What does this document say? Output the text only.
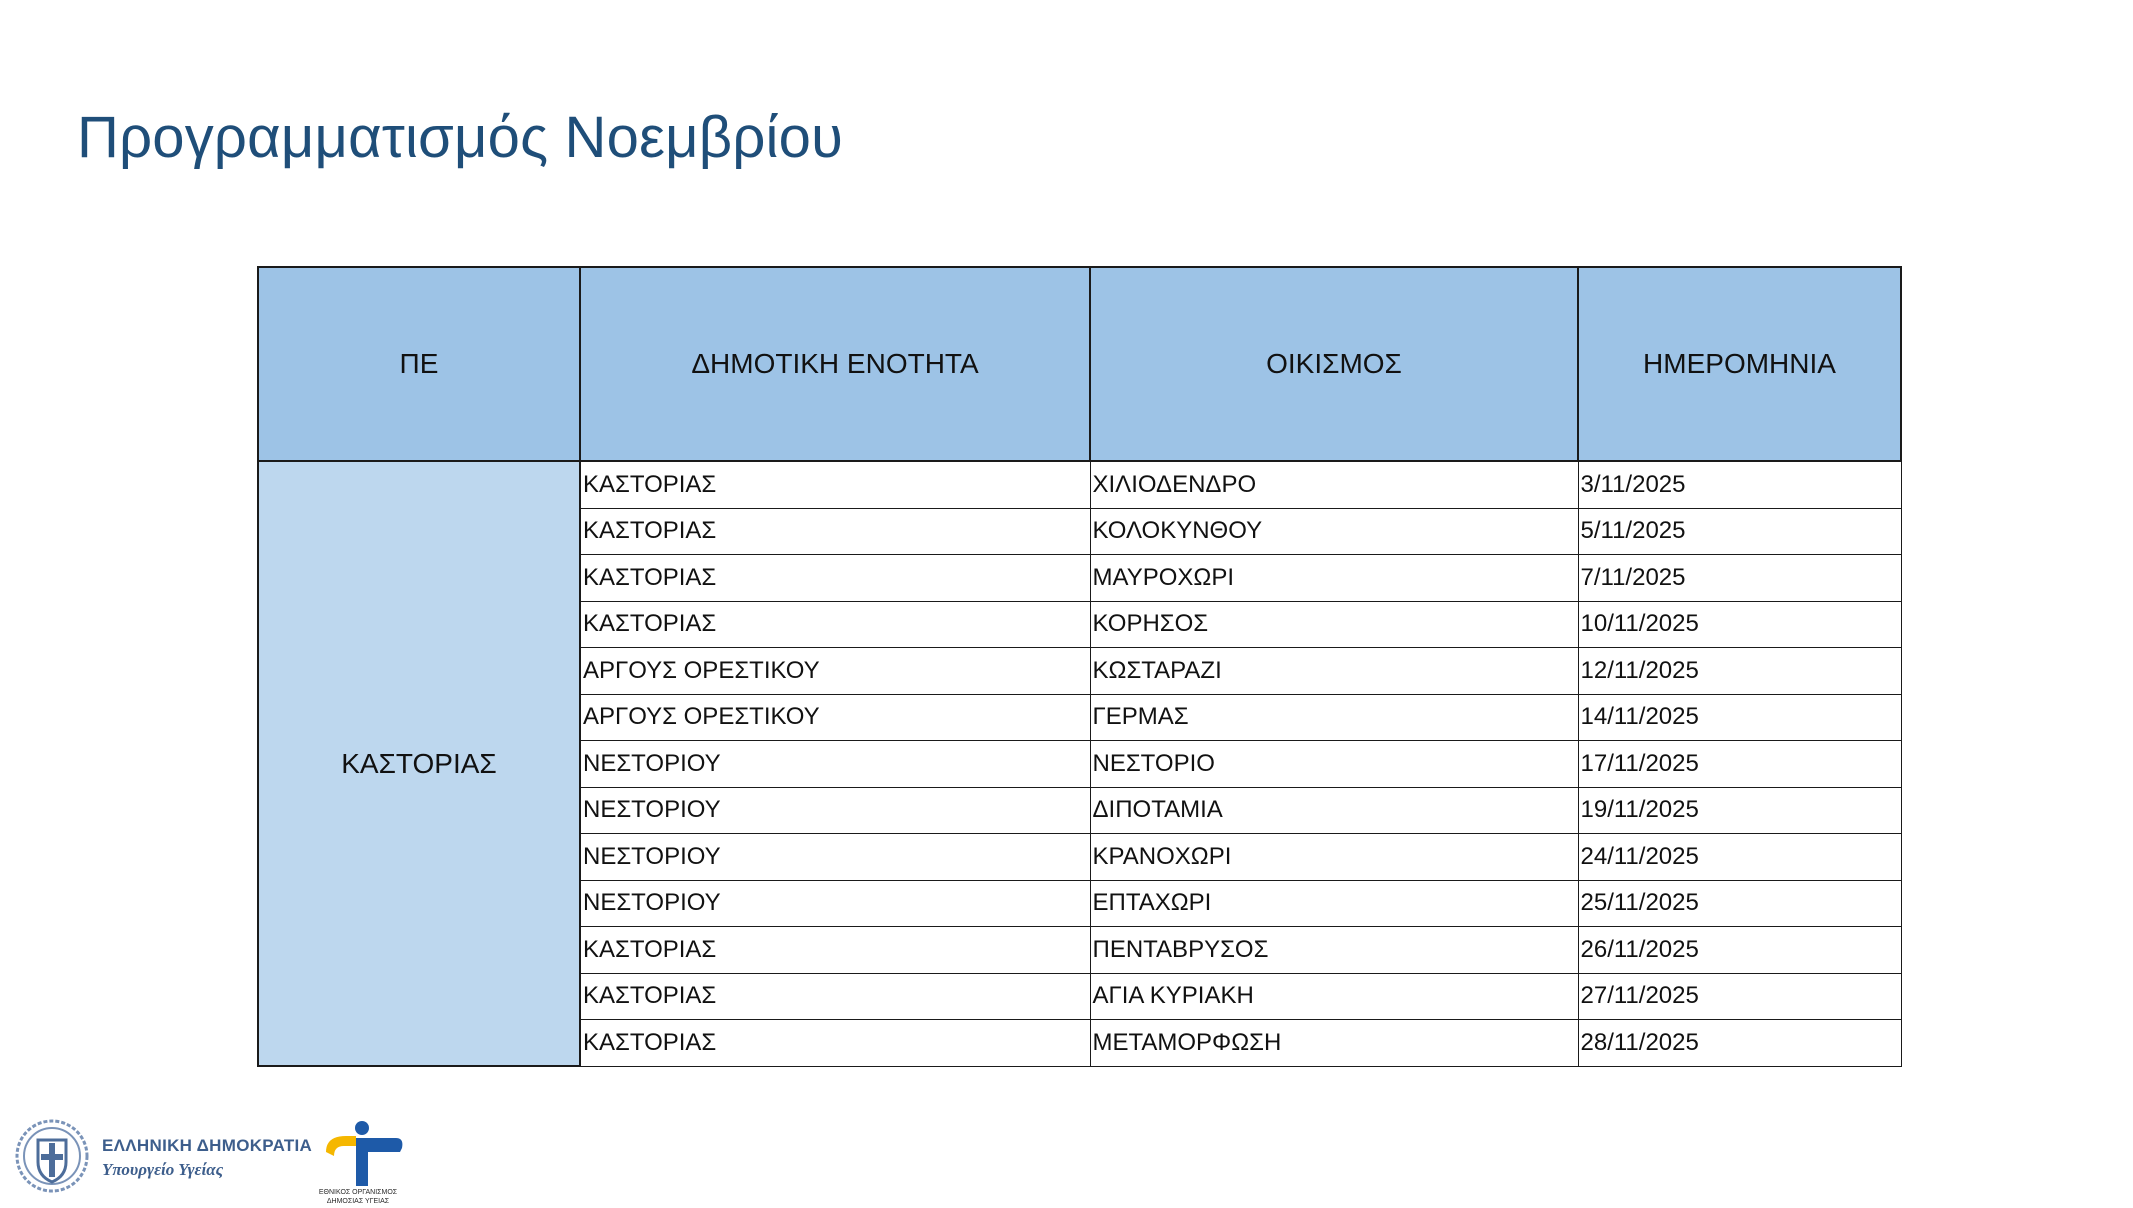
Προγραμματισμός Νοεμβρίου
ΠΕ	ΔΗΜΟΤΙΚΗ ΕΝΟΤΗΤΑ	ΟΙΚΙΣΜΟΣ	ΗΜΕΡΟΜΗΝΙΑ
ΚΑΣΤΟΡΙΑΣ	ΚΑΣΤΟΡΙΑΣ	ΧΙΛΙΟΔΕΝΔΡΟ	3/11/2025
	ΚΑΣΤΟΡΙΑΣ	ΚΟΛΟΚΥΝΘΟΥ	5/11/2025
	ΚΑΣΤΟΡΙΑΣ	ΜΑΥΡΟΧΩΡΙ	7/11/2025
	ΚΑΣΤΟΡΙΑΣ	ΚΟΡΗΣΟΣ	10/11/2025
	ΑΡΓΟΥΣ ΟΡΕΣΤΙΚΟΥ	ΚΩΣΤΑΡΑΖΙ	12/11/2025
	ΑΡΓΟΥΣ ΟΡΕΣΤΙΚΟΥ	ΓΕΡΜΑΣ	14/11/2025
	ΝΕΣΤΟΡΙΟΥ	ΝΕΣΤΟΡΙΟ	17/11/2025
	ΝΕΣΤΟΡΙΟΥ	ΔΙΠΟΤΑΜΙΑ	19/11/2025
	ΝΕΣΤΟΡΙΟΥ	ΚΡΑΝΟΧΩΡΙ	24/11/2025
	ΝΕΣΤΟΡΙΟΥ	ΕΠΤΑΧΩΡΙ	25/11/2025
	ΚΑΣΤΟΡΙΑΣ	ΠΕΝΤΑΒΡΥΣΟΣ	26/11/2025
	ΚΑΣΤΟΡΙΑΣ	ΑΓΙΑ ΚΥΡΙΑΚΗ	27/11/2025
	ΚΑΣΤΟΡΙΑΣ	ΜΕΤΑΜΟΡΦΩΣΗ	28/11/2025
ΕΛΛΗΝΙΚΗ ΔΗΜΟΚΡΑΤΙΑ
Υπουργείο Υγείας
ΕΘΝΙΚΟΣ ΟΡΓΑΝΙΣΜΟΣ ΔΗΜΟΣΙΑΣ ΥΓΕΙΑΣ
